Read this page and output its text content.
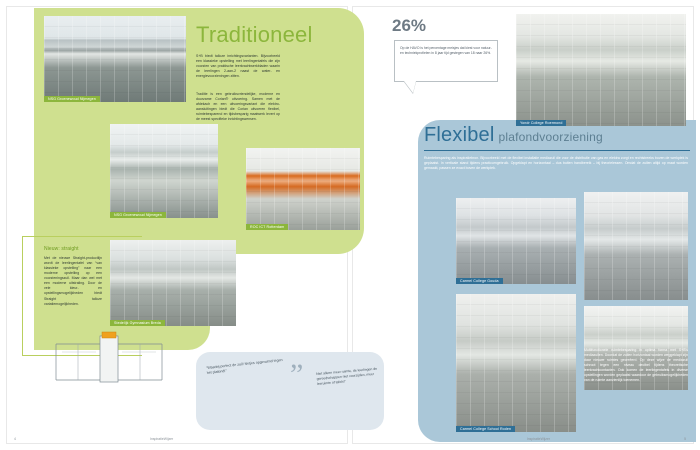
Traditioneel
NSG Groenewoud Nijmegen
NSG Groenewoud Nijmegen
ROC ICT Rotterdam
Stedelijk Gymnasium Breda
S+B biedt talloze inrichtingsvarianten. Bijvoorbeeld een klassieke opstelling met leerlingentafels die zijn voorzien van praktische leerkrachtwerkbladen waarin de leerlingen 2-aan-2 naast de water- en energievoorzieningen zitten.
Traditie is een gebruiksvriendelijke, moderne en duurzame Corian® uitvoering. Samen met de afdekach en een uitvoeringsvariant die elektro- aansluitingen biedt die Corian uitvoeren flexibel, ruimtebesparend en tijdsbesparig maatwerk levert op de meest specifieke inrichtingswensen.
Nieuw: straight
Met de nieuwe Straight-productlijn wordt de leerlingentafel van “van klassieke opstelling” naar een moderne opstelling op een voorzieningszuil. Maar dan wel met een moderne uitstraling. Door de vele kleur- en opstellingsmogelijkheden biedt Straight talloze variatiemogelijkheden.
26%
Op de HAVO is het percentage meisjes dat kiest voor natuur- en techniekprofielen in 8 jaar tijd gestegen van 18 naar 26%.
Flexibel plafondvoorziening
Yondr College Roermond
Ruimtebesparing als inspiratiebron. Bijvoorbeeld met de flexibel installatie mediazuil die voor de distributie van gas en elektra zorgt en rechtstreeks boven de werkplek is geplaatst. In verticale stand tijdens practicumgebruik. Opgeklapt en horizontaal – dus buiten handbereik – bij theorielessen. Omdat de zuilen altijd op maat worden gemaakt, passen ze exact boven de werkplek.
Carmel College Gouda
Carmel College School Roden
Multifunctionele ruimtebesparing in optima forma met S+B’s mediazuilen. Doordat de zuilen horizontaal worden weggeklapt zijn daar nieuwe ruimtes gecreëerd. Op deze wijze de mediazuil schroot tegen een niveau decibel tijdens theoretische leerkrachtcontacten. Ook komen de leerlingentafels in diverse opstellingen worden geplaatst waardoor de gebruiksmogelijkheden van de ruimte aanzienlijk toenemen.
”
“Waarbij perfect de zuil! Netjes opgeruimd tegen het plafond!”	Niet alleen meer ruimte, de leerlingen de gereedschappen niet voorzijden, meer leeruimte of tafels!”
4	InspiratieWijzer	InspiratieWijzer	5
